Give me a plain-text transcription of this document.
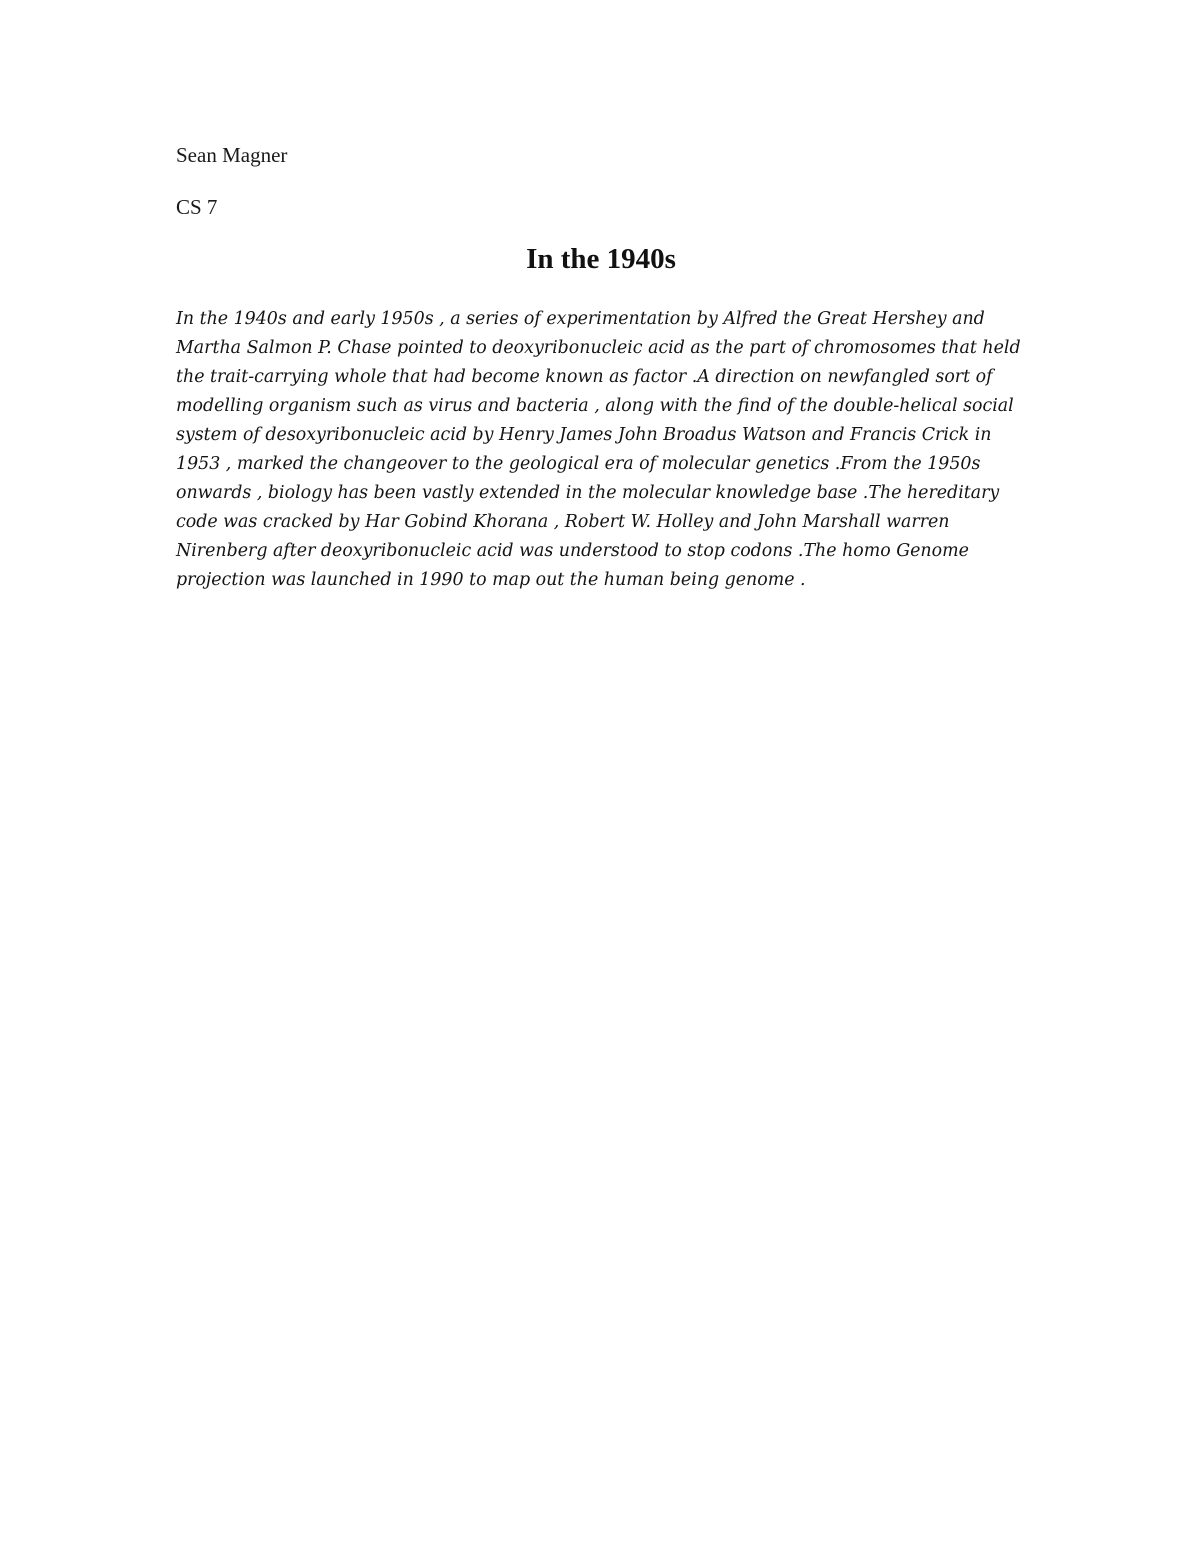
Sean Magner

CS 7

In the 1940s

In the 1940s and early 1950s , a series of experimentation by Alfred the Great Hershey and
Martha Salmon P. Chase pointed to deoxyribonucleic acid as the part of chromosomes that held
the trait-carrying whole that had become known as factor .A direction on newfangled sort of
modelling organism such as virus and bacteria , along with the find of the double-helical social
system of desoxyribonucleic acid by Henry James John Broadus Watson and Francis Crick in
1953 , marked the changeover to the geological era of molecular genetics .From the 1950s
onwards , biology has been vastly extended in the molecular knowledge base .The hereditary
code was cracked by Har Gobind Khorana , Robert W. Holley and John Marshall warren
Nirenberg after deoxyribonucleic acid was understood to stop codons .The homo Genome
projection was launched in 1990 to map out the human being genome .
